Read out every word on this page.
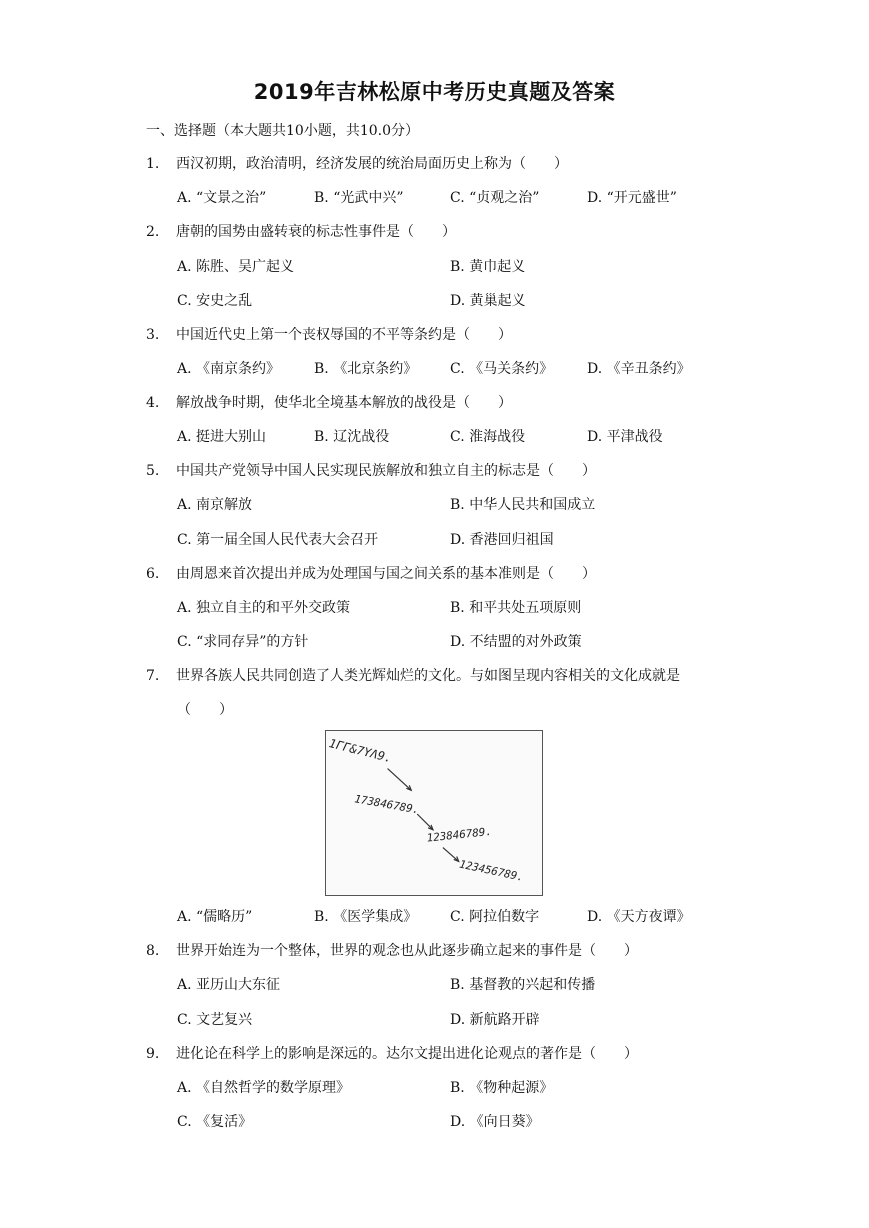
2019年吉林松原中考历史真题及答案
一、选择题（本大题共10小题，共10.0分）
1. 西汉初期，政治清明，经济发展的统治局面历史上称为（　　）
A. “文景之治”	B. “光武中兴”	C. “贞观之治”	D. “开元盛世”
2. 唐朝的国势由盛转衰的标志性事件是（　　）
A. 陈胜、吴广起义	B. 黄巾起义
C. 安史之乱	D. 黄巢起义
3. 中国近代史上第一个丧权辱国的不平等条约是（　　）
A. 《南京条约》 B. 《北京条约》 C. 《马关条约》 D. 《辛丑条约》
4. 解放战争时期，使华北全境基本解放的战役是（　　）
A. 挺进大别山	B. 辽沈战役	C. 淮海战役	D. 平津战役
5. 中国共产党领导中国人民实现民族解放和独立自主的标志是（　　）
A. 南京解放	B. 中华人民共和国成立
C. 第一届全国人民代表大会召开	D. 香港回归祖国
6. 由周恩来首次提出并成为处理国与国之间关系的基本准则是（　　）
A. 独立自主的和平外交政策	B. 和平共处五项原则
C. “求同存异”的方针	D. 不结盟的对外政策
7. 世界各族人民共同创造了人类光辉灿烂的文化。与如图呈现内容相关的文化成就是
（　　）
1ΓΓ&7YΛ9.
173846789.
123846789.
123456789.
A. “儒略历”	B. 《医学集成》 C. 阿拉伯数字	D. 《天方夜谭》
8. 世界开始连为一个整体，世界的观念也从此逐步确立起来的事件是（　　）
A. 亚历山大东征	B. 基督教的兴起和传播
C. 文艺复兴	D. 新航路开辟
9. 进化论在科学上的影响是深远的。达尔文提出进化论观点的著作是（　　）
A. 《自然哲学的数学原理》	B. 《物种起源》
C. 《复活》	D. 《向日葵》
